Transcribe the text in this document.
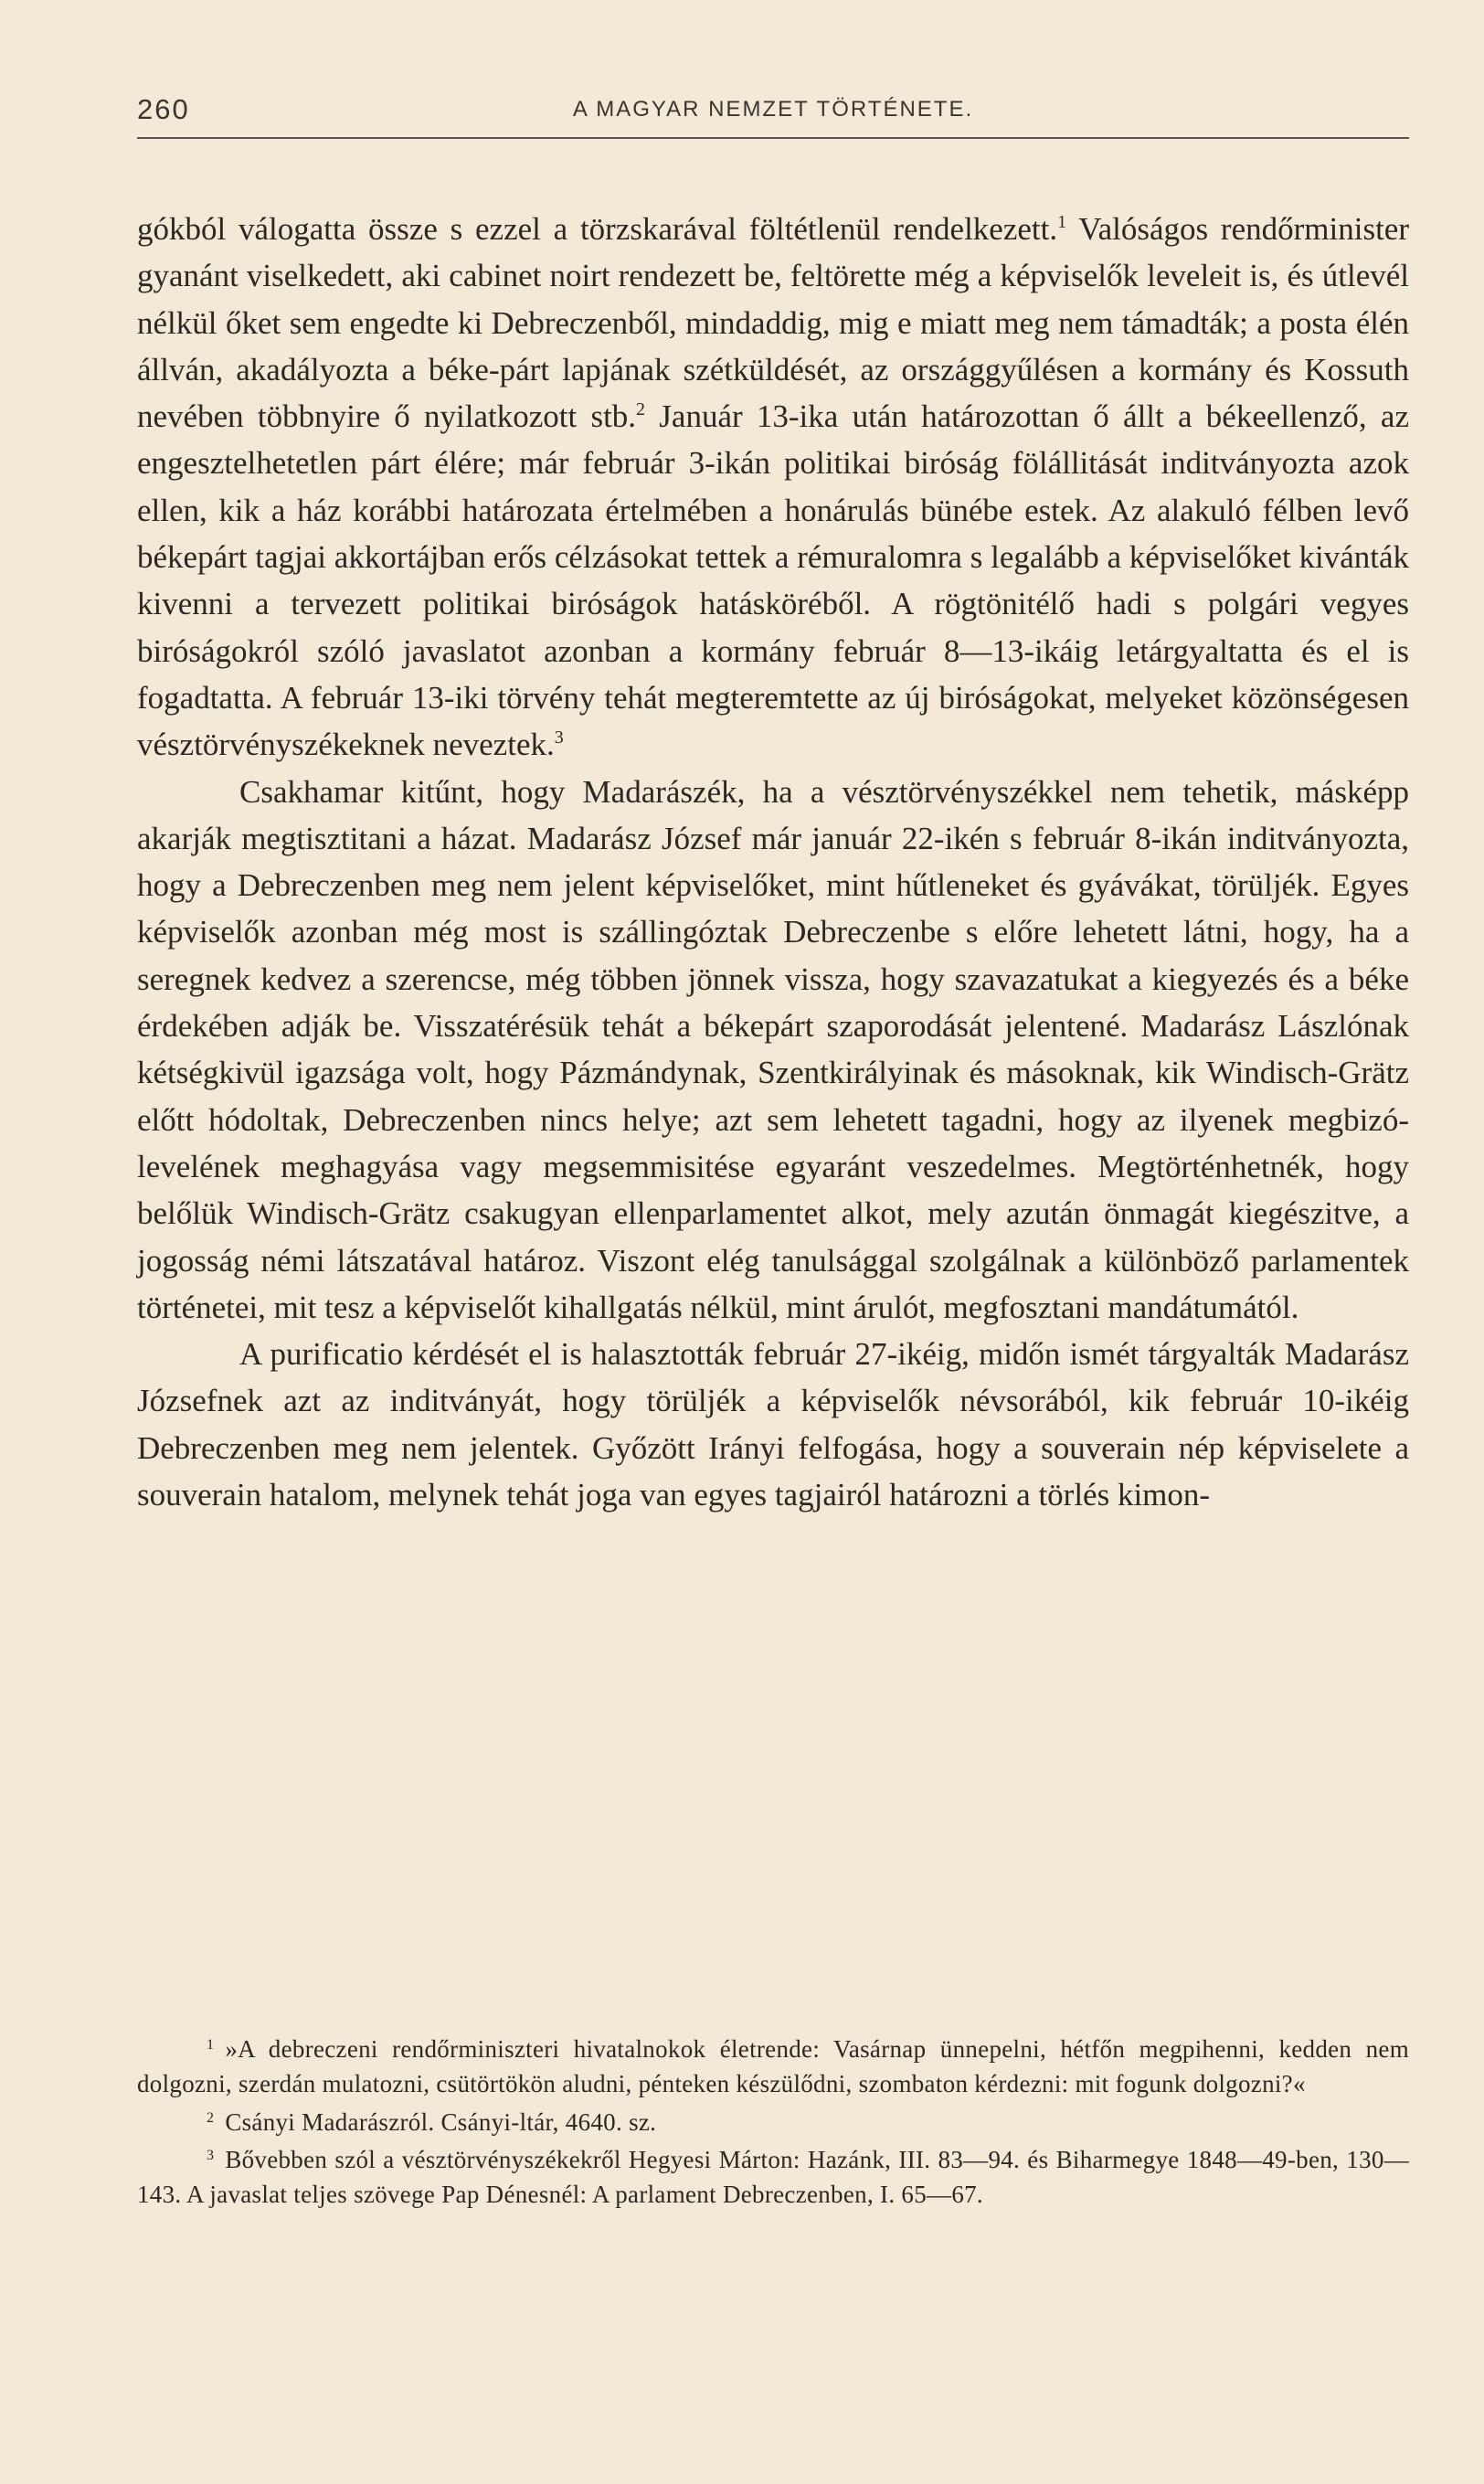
260	A MAGYAR NEMZET TÖRTÉNETE.

gókból válogatta össze s ezzel a törzskarával föltétlenül rendelkezett.$^1$ Valóságos rendőrminister gyanánt viselkedett, aki cabinet noirt rendezett be, feltörette még a képviselők leveleit is, és útlevél nélkül őket sem engedte ki Debreczenből, mindaddig, mig e miatt meg nem támadták; a posta élén állván, akadályozta a béke-párt lapjának szétküldését, az országgyűlésen a kormány és Kossuth nevében többnyire ő nyilatkozott stb.$^2$ Január 13-ika után határozottan ő állt a békeellenző, az engesztelhetetlen párt élére; már február 3-ikán politikai biróság fölállitását inditványozta azok ellen, kik a ház korábbi határozata értelmében a honárulás bünébe estek. Az alakuló félben levő békepárt tagjai akkortájban erős célzásokat tettek a rémuralomra s legalább a képviselőket kivánták kivenni a tervezett politikai biróságok hatásköréből. A rögtönitélő hadi s polgári vegyes biróságokról szóló javaslatot azonban a kormány február 8—13-ikáig letárgyaltatta és el is fogadtatta. A február 13-iki törvény tehát megteremtette az új biróságokat, melyeket közönségesen vésztörvényszékeknek neveztek.$^3$

Csakhamar kitűnt, hogy Madarászék, ha a vésztörvényszékkel nem tehetik, másképp akarják megtisztitani a házat. Madarász József már január 22-ikén s február 8-ikán inditványozta, hogy a Debreczenben meg nem jelent képviselőket, mint hűtleneket és gyávákat, törüljék. Egyes képviselők azonban még most is szállingóztak Debreczenbe s előre lehetett látni, hogy, ha a seregnek kedvez a szerencse, még többen jönnek vissza, hogy szavazatukat a kiegyezés és a béke érdekében adják be. Visszatérésük tehát a békepárt szaporodását jelentené. Madarász Lászlónak kétségkivül igazsága volt, hogy Pázmándynak, Szentkirályinak és másoknak, kik Windisch-Grätz előtt hódoltak, Debreczenben nincs helye; azt sem lehetett tagadni, hogy az ilyenek megbizó-levelének meghagyása vagy megsemmisitése egyaránt veszedelmes. Megtörténhetnék, hogy belőlük Windisch-Grätz csakugyan ellenparlamentet alkot, mely azután önmagát kiegészitve, a jogosság némi látszatával határoz. Viszont elég tanulsággal szolgálnak a különböző parlamentek történetei, mit tesz a képviselőt kihallgatás nélkül, mint árulót, megfosztani mandátumától.

A purificatio kérdését el is halasztották február 27-ikéig, midőn ismét tárgyalták Madarász Józsefnek azt az inditványát, hogy törüljék a képviselők névsorából, kik február 10-ikéig Debreczenben meg nem jelentek. Győzött Irányi felfogása, hogy a souverain nép képviselete a souverain hatalom, melynek tehát joga van egyes tagjairól határozni a törlés kimon-

$^1$ »A debreczeni rendőrminiszteri hivatalnokok életrende: Vasárnap ünnepelni, hétfőn megpihenni, kedden nem dolgozni, szerdán mulatozni, csütörtökön aludni, pénteken készülődni, szombaton kérdezni: mit fogunk dolgozni?«

$^2$ Csányi Madarászról. Csányi-ltár, 4640. sz.

$^3$ Bővebben szól a vésztörvényszékekről Hegyesi Márton: Hazánk, III. 83—94. és Biharmegye 1848—49-ben, 130—143. A javaslat teljes szövege Pap Dénesnél: A parlament Debreczenben, I. 65—67.
